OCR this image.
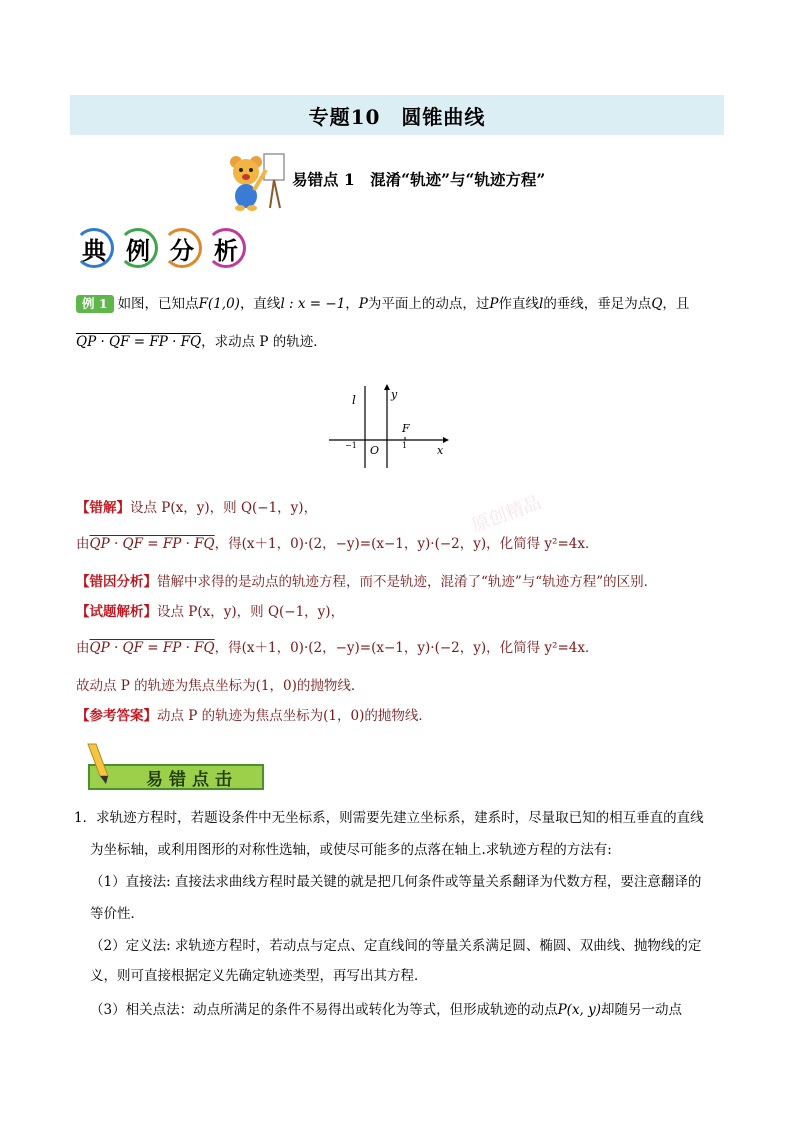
专题10　圆锥曲线
易错点 1　混淆“轨迹”与“轨迹方程”
典 例 分 析
例 1 如图，已知点F(1,0)，直线l : x = −1，P为平面上的动点，过P作直线l的垂线，垂足为点Q，且
QP · QF = FP · FQ，求动点 P 的轨迹．
l	y
F
x
O
−1	1
原创精品
【错解】设点 P(x，y)，则 Q(−1，y)，
由QP · QF = FP · FQ，得(x＋1，0)·(2，−y)=(x−1，y)·(−2，y)，化简得 y²=4x．
【错因分析】错解中求得的是动点的轨迹方程，而不是轨迹，混淆了“轨迹”与“轨迹方程”的区别．
【试题解析】设点 P(x，y)，则 Q(−1，y)，
由QP · QF = FP · FQ，得(x＋1，0)·(2，−y)=(x−1，y)·(−2，y)，化简得 y²=4x．
故动点 P 的轨迹为焦点坐标为(1，0)的抛物线．
【参考答案】动点 P 的轨迹为焦点坐标为(1，0)的抛物线．
易错点击
1．求轨迹方程时，若题设条件中无坐标系，则需要先建立坐标系，建系时，尽量取已知的相互垂直的直线
为坐标轴，或利用图形的对称性选轴，或使尽可能多的点落在轴上.求轨迹方程的方法有:
（1）直接法: 直接法求曲线方程时最关键的就是把几何条件或等量关系翻译为代数方程，要注意翻译的
等价性．
（2）定义法: 求轨迹方程时，若动点与定点、定直线间的等量关系满足圆、椭圆、双曲线、抛物线的定
义，则可直接根据定义先确定轨迹类型，再写出其方程．
（3）相关点法：动点所满足的条件不易得出或转化为等式，但形成轨迹的动点P(x, y)却随另一动点
